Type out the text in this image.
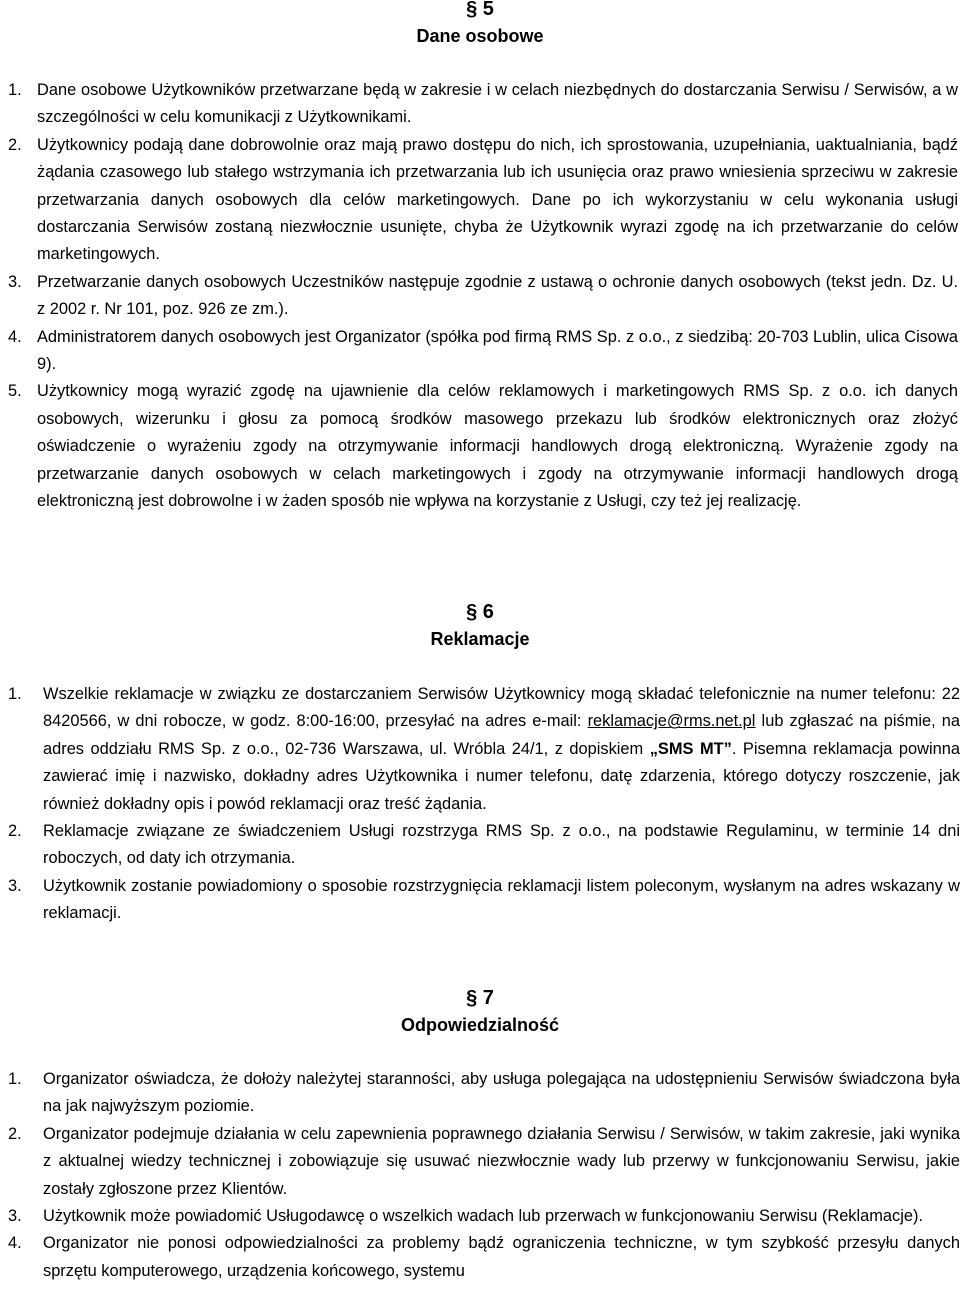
§ 5

Dane osobowe

1. Dane osobowe Użytkowników przetwarzane będą w zakresie i w celach niezbędnych do dostarczania Serwisu / Serwisów, a w szczególności w celu komunikacji z Użytkownikami.
2. Użytkownicy podają dane dobrowolnie oraz mają prawo dostępu do nich, ich sprostowania, uzupełniania, uaktualniania, bądź żądania czasowego lub stałego wstrzymania ich przetwarzania lub ich usunięcia oraz prawo wniesienia sprzeciwu w zakresie przetwarzania danych osobowych dla celów marketingowych. Dane po ich wykorzystaniu w celu wykonania usługi dostarczania Serwisów zostaną niezwłocznie usunięte, chyba że Użytkownik wyrazi zgodę na ich przetwarzanie do celów marketingowych.
3. Przetwarzanie danych osobowych Uczestników następuje zgodnie z ustawą o ochronie danych osobowych (tekst jedn. Dz. U. z 2002 r. Nr 101, poz. 926 ze zm.).
4. Administratorem danych osobowych jest Organizator (spółka pod firmą RMS Sp. z o.o., z siedzibą: 20-703 Lublin, ulica Cisowa 9).
5. Użytkownicy mogą wyrazić zgodę na ujawnienie dla celów reklamowych i marketingowych RMS Sp. z o.o. ich danych osobowych, wizerunku i głosu za pomocą środków masowego przekazu lub środków elektronicznych oraz złożyć oświadczenie o wyrażeniu zgody na otrzymywanie informacji handlowych drogą elektroniczną. Wyrażenie zgody na przetwarzanie danych osobowych w celach marketingowych i zgody na otrzymywanie informacji handlowych drogą elektroniczną jest dobrowolne i w żaden sposób nie wpływa na korzystanie z Usługi, czy też jej realizację.

§ 6

Reklamacje

1. Wszelkie reklamacje w związku ze dostarczaniem Serwisów Użytkownicy mogą składać telefonicznie na numer telefonu: 22 8420566, w dni robocze, w godz. 8:00-16:00, przesyłać na adres e-mail: reklamacje@rms.net.pl lub zgłaszać na piśmie, na adres oddziału RMS Sp. z o.o., 02-736 Warszawa, ul. Wróbla 24/1, z dopiskiem „SMS MT”. Pisemna reklamacja powinna zawierać imię i nazwisko, dokładny adres Użytkownika i numer telefonu, datę zdarzenia, którego dotyczy roszczenie, jak również dokładny opis i powód reklamacji oraz treść żądania.
2. Reklamacje związane ze świadczeniem Usługi rozstrzyga RMS Sp. z o.o., na podstawie Regulaminu, w terminie 14 dni roboczych, od daty ich otrzymania.
3. Użytkownik zostanie powiadomiony o sposobie rozstrzygnięcia reklamacji listem poleconym, wysłanym na adres wskazany w reklamacji.

§ 7

Odpowiedzialność

1. Organizator oświadcza, że dołoży należytej staranności, aby usługa polegająca na udostępnieniu Serwisów świadczona była na jak najwyższym poziomie.
2. Organizator podejmuje działania w celu zapewnienia poprawnego działania Serwisu / Serwisów, w takim zakresie, jaki wynika z aktualnej wiedzy technicznej i zobowiązuje się usuwać niezwłocznie wady lub przerwy w funkcjonowaniu Serwisu, jakie zostały zgłoszone przez Klientów.
3. Użytkownik może powiadomić Usługodawcę o wszelkich wadach lub przerwach w funkcjonowaniu Serwisu (Reklamacje).
4. Organizator nie ponosi odpowiedzialności za problemy bądź ograniczenia techniczne, w tym szybkość przesyłu danych sprzętu komputerowego, urządzenia końcowego, systemu
